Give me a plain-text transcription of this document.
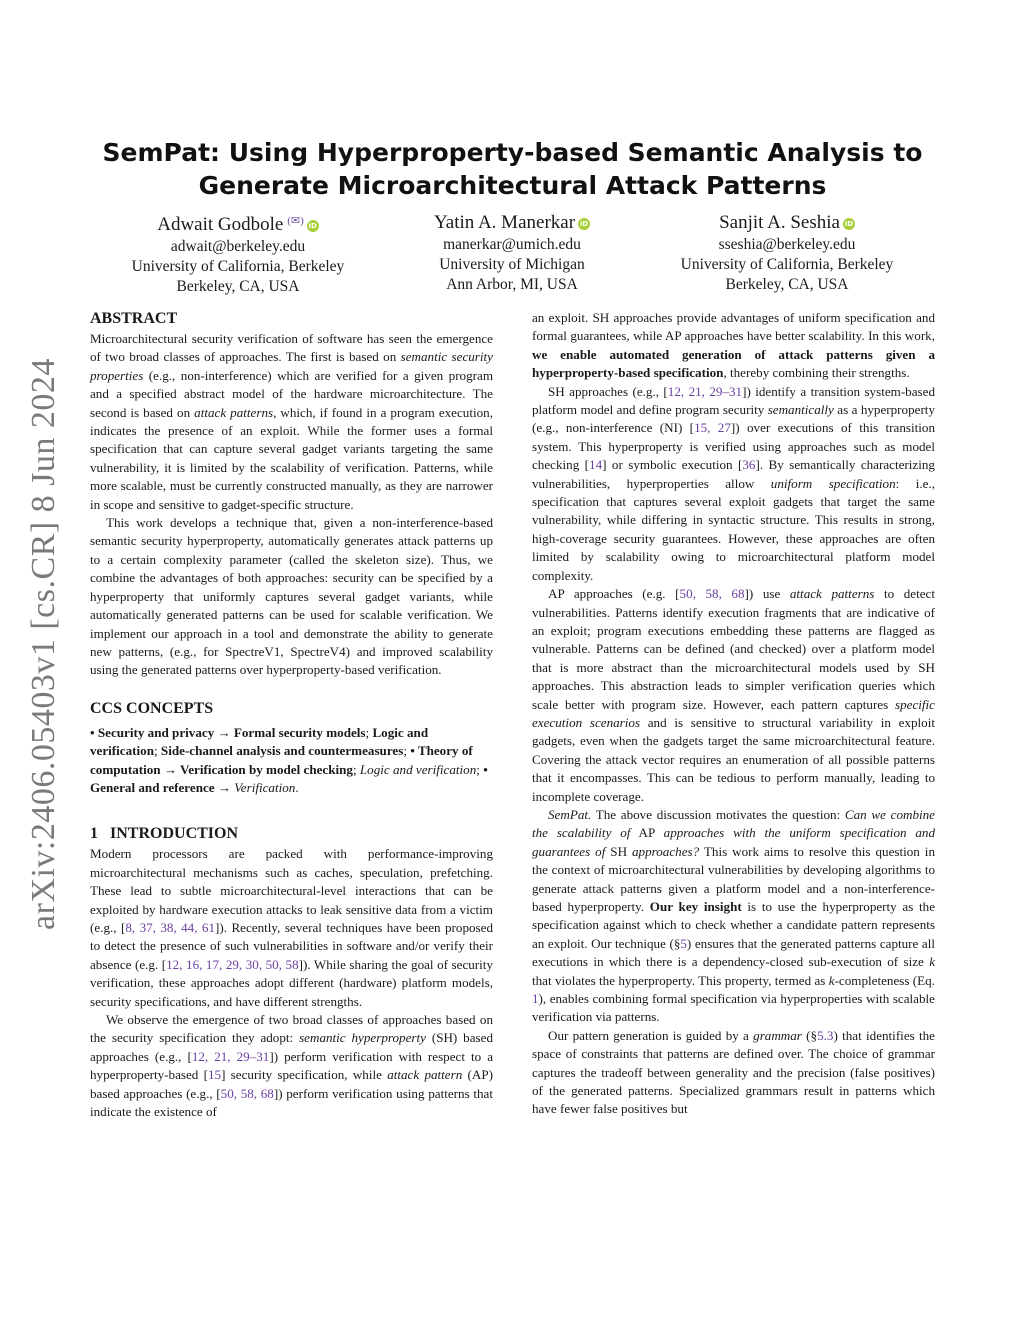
arXiv:2406.05403v1 [cs.CR] 8 Jun 2024
SemPat: Using Hyperproperty-based Semantic Analysis to
Generate Microarchitectural Attack Patterns
Adwait Godbole (✉) iD
adwait@berkeley.edu
University of California, Berkeley
Berkeley, CA, USA
Yatin A. Manerkar iD
manerkar@umich.edu
University of Michigan
Ann Arbor, MI, USA
Sanjit A. Seshia iD
sseshia@berkeley.edu
University of California, Berkeley
Berkeley, CA, USA
ABSTRACT

Microarchitectural security verification of software has seen the emergence of two broad classes of approaches. The first is based on semantic security properties (e.g., non-interference) which are verified for a given program and a specified abstract model of the hardware microarchitecture. The second is based on attack patterns, which, if found in a program execution, indicates the presence of an exploit. While the former uses a formal specification that can capture several gadget variants targeting the same vulnerability, it is limited by the scalability of verification. Patterns, while more scalable, must be currently constructed manually, as they are narrower in scope and sensitive to gadget-specific structure.

This work develops a technique that, given a non-interference-based semantic security hyperproperty, automatically generates attack patterns up to a certain complexity parameter (called the skeleton size). Thus, we combine the advantages of both approaches: security can be specified by a hyperproperty that uniformly captures several gadget variants, while automatically generated patterns can be used for scalable verification. We implement our approach in a tool and demonstrate the ability to generate new patterns, (e.g., for SpectreV1, SpectreV4) and improved scalability using the generated patterns over hyperproperty-based verification.

CCS CONCEPTS

• Security and privacy → Formal security models; Logic and verification; Side-channel analysis and countermeasures; • Theory of computation → Verification by model checking; Logic and verification; • General and reference → Verification.

1   INTRODUCTION

Modern processors are packed with performance-improving microarchitectural mechanisms such as caches, speculation, prefetching. These lead to subtle microarchitectural-level interactions that can be exploited by hardware execution attacks to leak sensitive data from a victim (e.g., [8, 37, 38, 44, 61]). Recently, several techniques have been proposed to detect the presence of such vulnerabilities in software and/or verify their absence (e.g. [12, 16, 17, 29, 30, 50, 58]). While sharing the goal of security verification, these approaches adopt different (hardware) platform models, security specifications, and have different strengths.

We observe the emergence of two broad classes of approaches based on the security specification they adopt: semantic hyperproperty (SH) based approaches (e.g., [12, 21, 29–31]) perform verification with respect to a hyperproperty-based [15] security specification, while attack pattern (AP) based approaches (e.g., [50, 58, 68]) perform verification using patterns that indicate the existence of

an exploit. SH approaches provide advantages of uniform specification and formal guarantees, while AP approaches have better scalability. In this work, we enable automated generation of attack patterns given a hyperproperty-based specification, thereby combining their strengths.

SH approaches (e.g., [12, 21, 29–31]) identify a transition system-based platform model and define program security semantically as a hyperproperty (e.g., non-interference (NI) [15, 27]) over executions of this transition system. This hyperproperty is verified using approaches such as model checking [14] or symbolic execution [36]. By semantically characterizing vulnerabilities, hyperproperties allow uniform specification: i.e., specification that captures several exploit gadgets that target the same vulnerability, while differing in syntactic structure. This results in strong, high-coverage security guarantees. However, these approaches are often limited by scalability owing to microarchitectural platform model complexity.

AP approaches (e.g. [50, 58, 68]) use attack patterns to detect vulnerabilities. Patterns identify execution fragments that are indicative of an exploit; program executions embedding these patterns are flagged as vulnerable. Patterns can be defined (and checked) over a platform model that is more abstract than the microarchitectural models used by SH approaches. This abstraction leads to simpler verification queries which scale better with program size. However, each pattern captures specific execution scenarios and is sensitive to structural variability in exploit gadgets, even when the gadgets target the same microarchitectural feature. Covering the attack vector requires an enumeration of all possible patterns that it encompasses. This can be tedious to perform manually, leading to incomplete coverage.

SemPat. The above discussion motivates the question: Can we combine the scalability of AP approaches with the uniform specification and guarantees of SH approaches? This work aims to resolve this question in the context of microarchitectural vulnerabilities by developing algorithms to generate attack patterns given a platform model and a non-interference-based hyperproperty. Our key insight is to use the hyperproperty as the specification against which to check whether a candidate pattern represents an exploit. Our technique (§5) ensures that the generated patterns capture all executions in which there is a dependency-closed sub-execution of size k that violates the hyperproperty. This property, termed as k-completeness (Eq. 1), enables combining formal specification via hyperproperties with scalable verification via patterns.

Our pattern generation is guided by a grammar (§5.3) that identifies the space of constraints that patterns are defined over. The choice of grammar captures the tradeoff between generality and the precision (false positives) of the generated patterns. Specialized grammars result in patterns which have fewer false positives but
